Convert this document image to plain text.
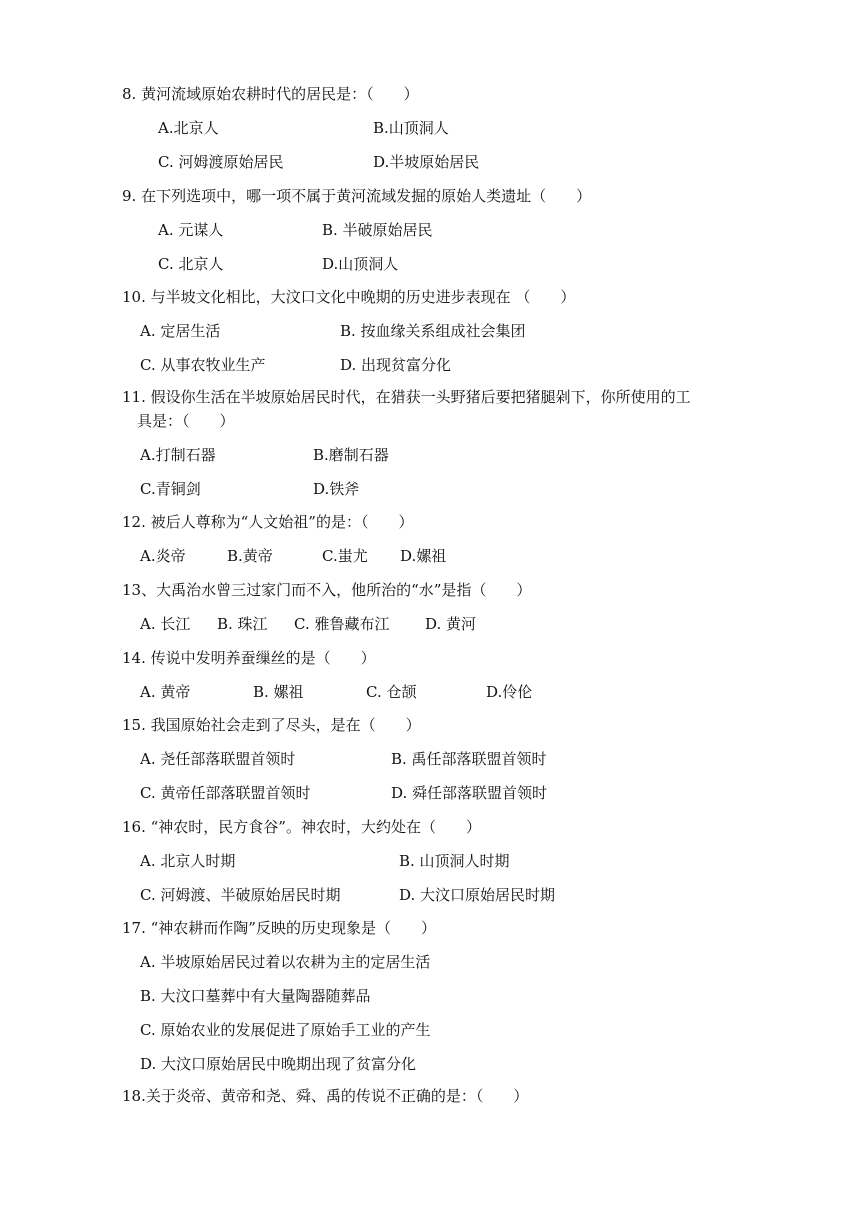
8. 黄河流域原始农耕时代的居民是：（　　）
A.北京人	B.山顶洞人
C. 河姆渡原始居民	D.半坡原始居民
9. 在下列选项中，哪一项不属于黄河流域发掘的原始人类遗址（　　）
A. 元谋人	B. 半破原始居民
C. 北京人	D.山顶洞人
10. 与半坡文化相比，大汶口文化中晚期的历史进步表现在 （　　）
A. 定居生活	B. 按血缘关系组成社会集团
C. 从事农牧业生产	D. 出现贫富分化
11. 假设你生活在半坡原始居民时代，在猎获一头野猪后要把猪腿剁下，你所使用的工
具是：（　　）
A.打制石器	B.磨制石器
C.青铜剑	D.铁斧
12. 被后人尊称为“人文始祖”的是：（　　）
A.炎帝	B.黄帝	C.蚩尤 D.嫘祖
13、大禹治水曾三过家门而不入，他所治的“水”是指（　　）
A. 长江 B. 珠江 C. 雅鲁藏布江 D. 黄河
14. 传说中发明养蚕缫丝的是（　　）
A. 黄帝	B. 嫘祖	C. 仓颉	D.伶伦
15. 我国原始社会走到了尽头，是在（　　）
A. 尧任部落联盟首领时	B. 禹任部落联盟首领时
C. 黄帝任部落联盟首领时	D. 舜任部落联盟首领时
16. “神农时，民方食谷”。神农时，大约处在（　　）
A. 北京人时期	B. 山顶洞人时期
C. 河姆渡、半破原始居民时期	D. 大汶口原始居民时期
17. “神农耕而作陶”反映的历史现象是（　　）
A. 半坡原始居民过着以农耕为主的定居生活
B. 大汶口墓葬中有大量陶器随葬品
C. 原始农业的发展促进了原始手工业的产生
D. 大汶口原始居民中晚期出现了贫富分化
18.关于炎帝、黄帝和尧、舜、禹的传说不正确的是：（　　）
